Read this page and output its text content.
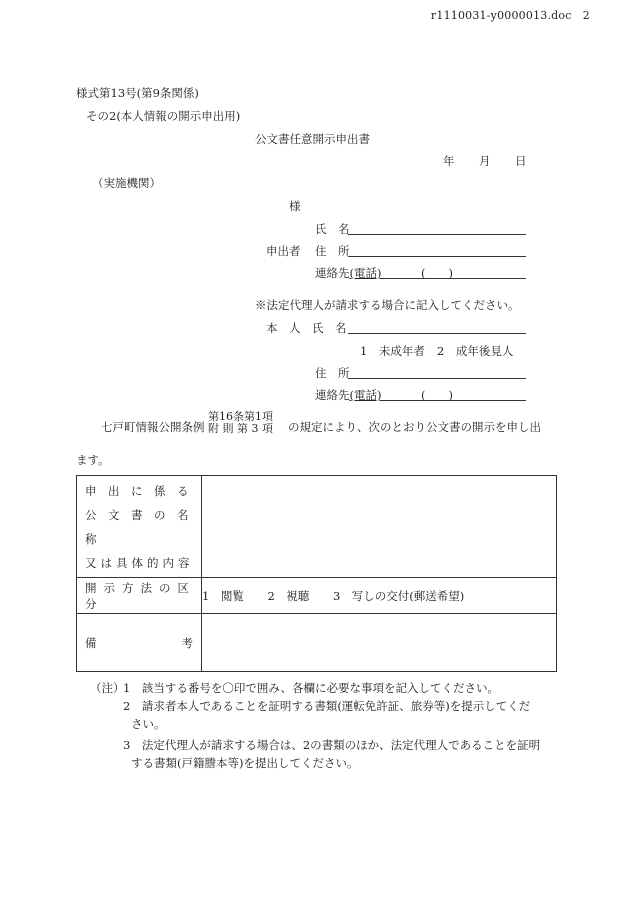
r1110031-y0000013.doc　2
様式第13号(第9条関係)
その2(本人情報の開示申出用)
公文書任意開示申出書
年 月 日
（実施機関）
様
氏　名
申出者 住　所
連絡先(電話)	(　　)
※法定代理人が請求する場合に記入してください。
本　人　氏　名
1　未成年者 2　成年後見人
住　所
連絡先(電話)	(　　)
七戸町情報公開条例
第16条第1項
附 則 第 3 項 の規定により、次のとおり公文書の開示を申し出
ます。
申出に係る
公文書の名称
又は具体的内容	

開示方法の区分	1　閲覧 2　視聴 3　写しの交付(郵送希望)

備 考	

（注）
1　該当する番号を〇印で囲み、各欄に必要な事項を記入してください。
2　請求者本人であることを証明する書類(運転免許証、旅券等)を提示してくだ
さい。
3　法定代理人が請求する場合は、2の書類のほか、法定代理人であることを証明
する書類(戸籍謄本等)を提出してください。
